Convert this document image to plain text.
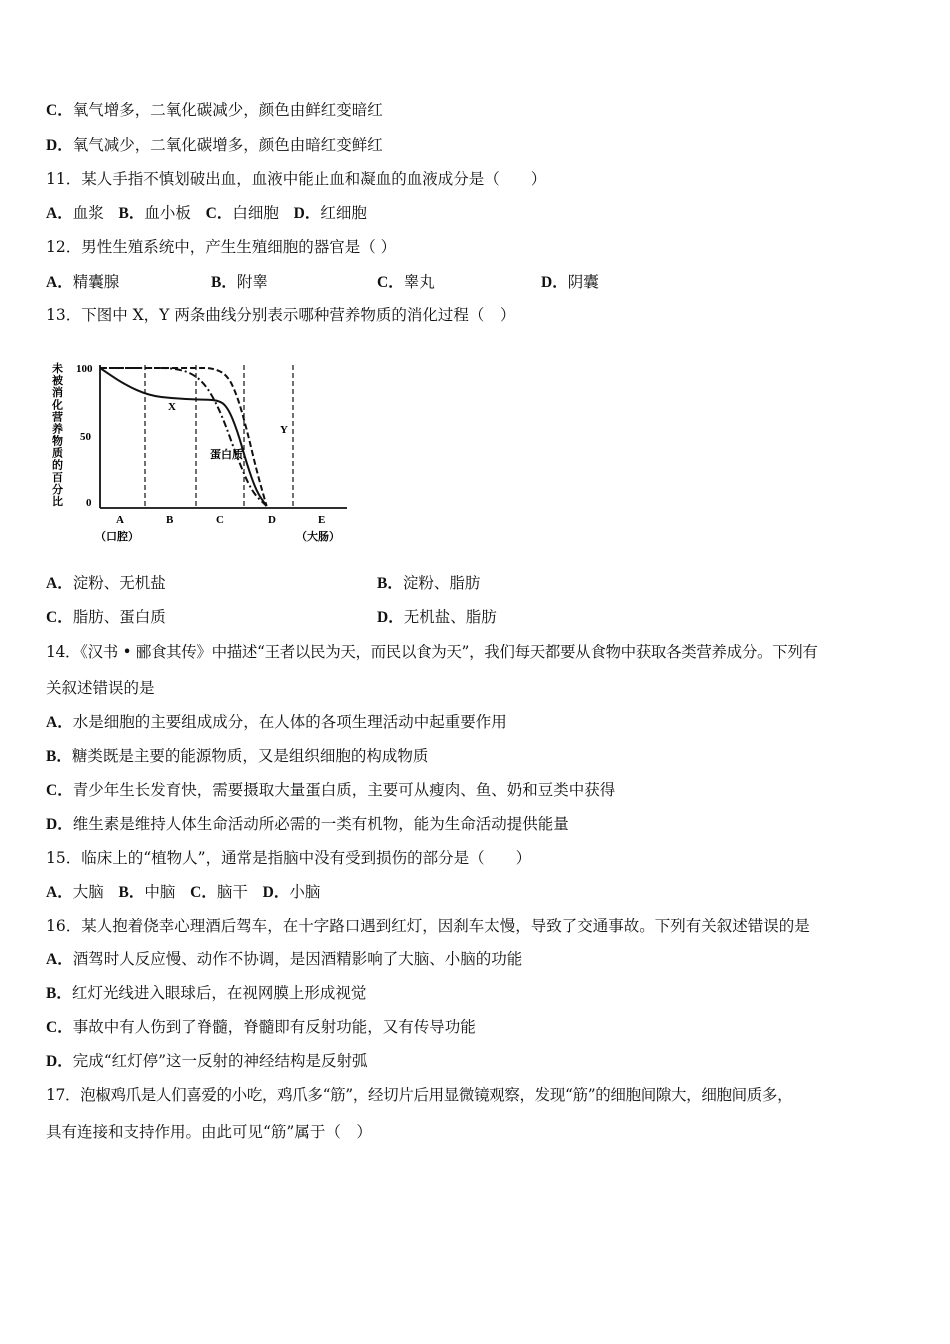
C．氧气增多，二氧化碳减少，颜色由鲜红变暗红
D．氧气减少，二氧化碳增多，颜色由暗红变鲜红
11．某人手指不慎划破出血，血液中能止血和凝血的血液成分是（　　）
A．血浆 B．血小板 C．白细胞 D．红细胞
12．男性生殖系统中，产生生殖细胞的器官是（ ）
A．精囊腺	B．附睾	C．睾丸	D．阴囊
13．下图中 X，Y 两条曲线分别表示哪种营养物质的消化过程（　）
未
被
消
化
营
养
物
质
的
百
分
比
100
50
0
X
Y
蛋白质
A	B	C	D	E
（口腔）	（大肠）
A．淀粉、无机盐	B．淀粉、脂肪
C．脂肪、蛋白质	D．无机盐、脂肪
14．《汉书 • 郦食其传》中描述“王者以民为天，而民以食为天”，我们每天都要从食物中获取各类营养成分。下列有
关叙述错误的是
A．水是细胞的主要组成成分，在人体的各项生理活动中起重要作用
B．糖类既是主要的能源物质，又是组织细胞的构成物质
C．青少年生长发育快，需要摄取大量蛋白质，主要可从瘦肉、鱼、奶和豆类中获得
D．维生素是维持人体生命活动所必需的一类有机物，能为生命活动提供能量
15．临床上的“植物人”，通常是指脑中没有受到损伤的部分是（　　）
A．大脑 B．中脑 C．脑干 D．小脑
16．某人抱着侥幸心理酒后驾车，在十字路口遇到红灯，因刹车太慢，导致了交通事故。下列有关叙述错误的是
A．酒驾时人反应慢、动作不协调，是因酒精影响了大脑、小脑的功能
B．红灯光线进入眼球后，在视网膜上形成视觉
C．事故中有人伤到了脊髓，脊髓即有反射功能，又有传导功能
D．完成“红灯停”这一反射的神经结构是反射弧
17．泡椒鸡爪是人们喜爱的小吃，鸡爪多“筋”，经切片后用显微镜观察，发现“筋”的细胞间隙大，细胞间质多，
具有连接和支持作用。由此可见“筋”属于（　）
